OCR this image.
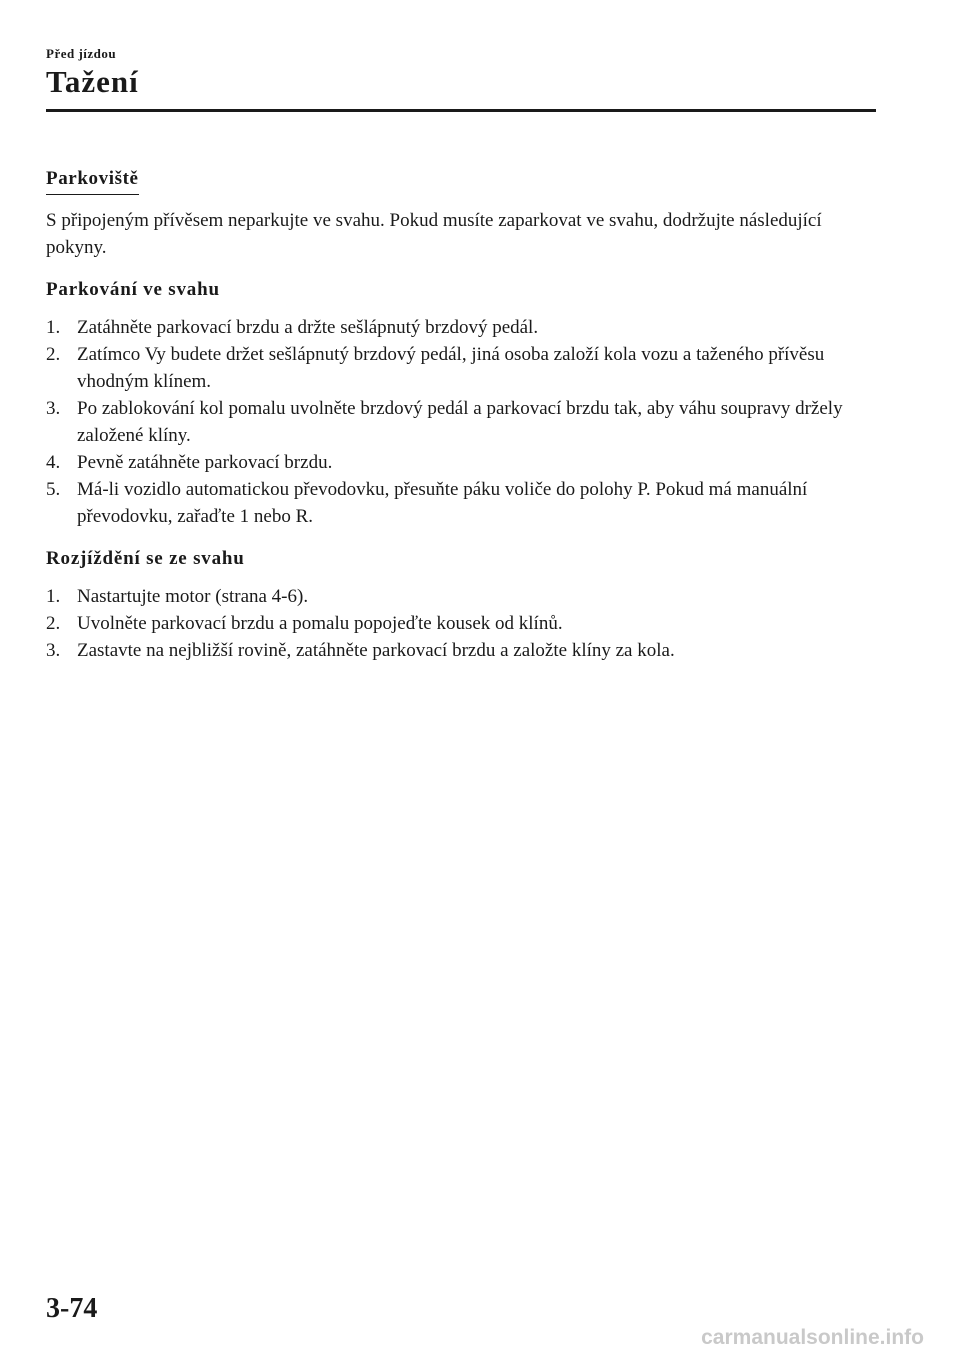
Před jízdou
Tažení
Parkoviště

S připojeným přívěsem neparkujte ve svahu. Pokud musíte zaparkovat ve svahu, dodržujte následující pokyny.

Parkování ve svahu

1. Zatáhněte parkovací brzdu a držte sešlápnutý brzdový pedál.
2. Zatímco Vy budete držet sešlápnutý brzdový pedál, jiná osoba založí kola vozu a taženého přívěsu vhodným klínem.
3. Po zablokování kol pomalu uvolněte brzdový pedál a parkovací brzdu tak, aby váhu soupravy držely založené klíny.
4. Pevně zatáhněte parkovací brzdu.
5. Má-li vozidlo automatickou převodovku, přesuňte páku voliče do polohy P. Pokud má manuální převodovku, zařaďte 1 nebo R.

Rozjíždění se ze svahu

1. Nastartujte motor (strana 4-6).
2. Uvolněte parkovací brzdu a pomalu popojeďte kousek od klínů.
3. Zastavte na nejbližší rovině, zatáhněte parkovací brzdu a založte klíny za kola.
3-74
carmanualsonline.info
